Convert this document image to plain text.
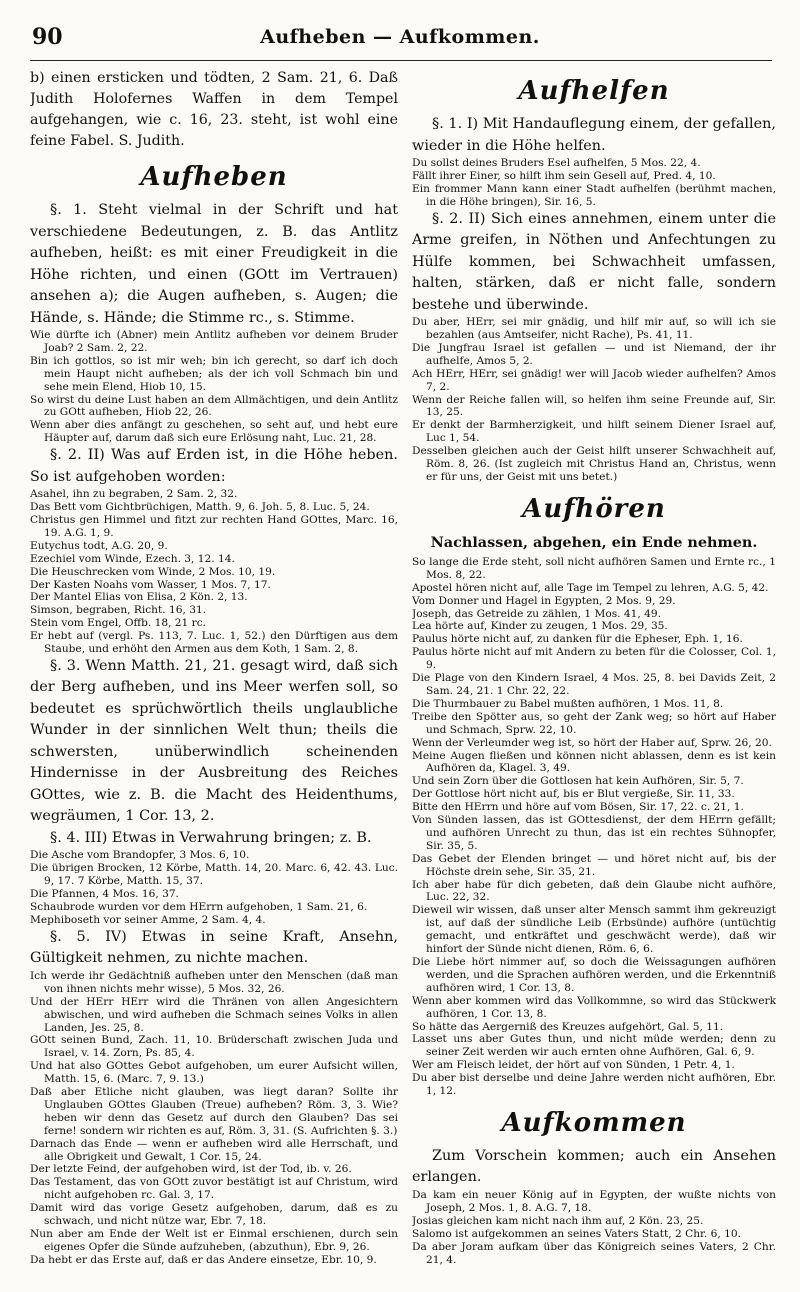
90	Aufheben — Aufkommen.

b) einen ersticken und tödten, 2 Sam. 21, 6. Daß Judith Holofernes Waffen in dem Tempel aufgehangen, wie c. 16, 23. steht, ist wohl eine feine Fabel. S. Judith.

Aufheben

§. 1. Steht vielmal in der Schrift und hat verschiedene Bedeutungen, z. B. das Antlitz aufheben, heißt: es mit einer Freudigkeit in die Höhe richten, und einen (GOtt im Vertrauen) ansehen a); die Augen aufheben, s. Augen; die Hände, s. Hände; die Stimme rc., s. Stimme.

Wie dürfte ich (Abner) mein Antlitz aufheben vor deinem Bruder Joab? 2 Sam. 2, 22.

Bin ich gottlos, so ist mir weh; bin ich gerecht, so darf ich doch mein Haupt nicht aufheben; als der ich voll Schmach bin und sehe mein Elend, Hiob 10, 15.

So wirst du deine Lust haben an dem Allmächtigen, und dein Antlitz zu GOtt aufheben, Hiob 22, 26.

Wenn aber dies anfängt zu geschehen, so seht auf, und hebt eure Häupter auf, darum daß sich eure Erlösung naht, Luc. 21, 28.

§. 2. II) Was auf Erden ist, in die Höhe heben. So ist aufgehoben worden:

Asahel, ihn zu begraben, 2 Sam. 2, 32.

Das Bett vom Gichtbrüchigen, Matth. 9, 6. Joh. 5, 8. Luc. 5, 24.

Christus gen Himmel und fitzt zur rechten Hand GOttes, Marc. 16, 19. A.G. 1, 9.

Eutychus todt, A.G. 20, 9.

Ezechiel vom Winde, Ezech. 3, 12. 14.

Die Heuschrecken vom Winde, 2 Mos. 10, 19.

Der Kasten Noahs vom Wasser, 1 Mos. 7, 17.

Der Mantel Elias von Elisa, 2 Kön. 2, 13.

Simson, begraben, Richt. 16, 31.

Stein vom Engel, Offb. 18, 21 rc.

Er hebt auf (vergl. Ps. 113, 7. Luc. 1, 52.) den Dürftigen aus dem Staube, und erhöht den Armen aus dem Koth, 1 Sam. 2, 8.

§. 3. Wenn Matth. 21, 21. gesagt wird, daß sich der Berg aufheben, und ins Meer werfen soll, so bedeutet es sprüchwörtlich theils unglaubliche Wunder in der sinnlichen Welt thun; theils die schwersten, unüberwindlich scheinenden Hindernisse in der Ausbreitung des Reiches GOttes, wie z. B. die Macht des Heidenthums, wegräumen, 1 Cor. 13, 2.

§. 4. III) Etwas in Verwahrung bringen; z. B.

Die Asche vom Brandopfer, 3 Mos. 6, 10.

Die übrigen Brocken, 12 Körbe, Matth. 14, 20. Marc. 6, 42. 43. Luc. 9, 17. 7 Körbe, Matth. 15, 37.

Die Pfannen, 4 Mos. 16, 37.

Schaubrode wurden vor dem HErrn aufgehoben, 1 Sam. 21, 6.

Mephiboseth vor seiner Amme, 2 Sam. 4, 4.

§. 5. IV) Etwas in seine Kraft, Ansehn, Gültigkeit nehmen, zu nichte machen.

Ich werde ihr Gedächtniß aufheben unter den Menschen (daß man von ihnen nichts mehr wisse), 5 Mos. 32, 26.

Und der HErr HErr wird die Thränen von allen Angesichtern abwischen, und wird aufheben die Schmach seines Volks in allen Landen, Jes. 25, 8.

GOtt seinen Bund, Zach. 11, 10. Brüderschaft zwischen Juda und Israel, v. 14. Zorn, Ps. 85, 4.

Und hat also GOttes Gebot aufgehoben, um eurer Aufsicht willen, Matth. 15, 6. (Marc. 7, 9. 13.)

Daß aber Etliche nicht glauben, was liegt daran? Sollte ihr Unglauben GOttes Glauben (Treue) aufheben? Röm. 3, 3. Wie? heben wir denn das Gesetz auf durch den Glauben? Das sei ferne! sondern wir richten es auf, Röm. 3, 31. (S. Aufrichten §. 3.)

Darnach das Ende — wenn er aufheben wird alle Herrschaft, und alle Obrigkeit und Gewalt, 1 Cor. 15, 24.

Der letzte Feind, der aufgehoben wird, ist der Tod, ib. v. 26.

Das Testament, das von GOtt zuvor bestätigt ist auf Christum, wird nicht aufgehoben rc. Gal. 3, 17.

Damit wird das vorige Gesetz aufgehoben, darum, daß es zu schwach, und nicht nütze war, Ebr. 7, 18.

Nun aber am Ende der Welt ist er Einmal erschienen, durch sein eigenes Opfer die Sünde aufzuheben, (abzuthun), Ebr. 9, 26.

Da hebt er das Erste auf, daß er das Andere einsetze, Ebr. 10, 9.

Aufhelfen

§. 1. I) Mit Handauflegung einem, der gefallen, wieder in die Höhe helfen.

Du sollst deines Bruders Esel aufhelfen, 5 Mos. 22, 4.

Fällt ihrer Einer, so hilft ihm sein Gesell auf, Pred. 4, 10.

Ein frommer Mann kann einer Stadt aufhelfen (berühmt machen, in die Höhe bringen), Sir. 16, 5.

§. 2. II) Sich eines annehmen, einem unter die Arme greifen, in Nöthen und Anfechtungen zu Hülfe kommen, bei Schwachheit umfassen, halten, stärken, daß er nicht falle, sondern bestehe und überwinde.

Du aber, HErr, sei mir gnädig, und hilf mir auf, so will ich sie bezahlen (aus Amtseifer, nicht Rache), Ps. 41, 11.

Die Jungfrau Israel ist gefallen — und ist Niemand, der ihr aufhelfe, Amos 5, 2.

Ach HErr, HErr, sei gnädig! wer will Jacob wieder aufhelfen? Amos 7, 2.

Wenn der Reiche fallen will, so helfen ihm seine Freunde auf, Sir. 13, 25.

Er denkt der Barmherzigkeit, und hilft seinem Diener Israel auf, Luc 1, 54.

Desselben gleichen auch der Geist hilft unserer Schwachheit auf, Röm. 8, 26. (Ist zugleich mit Christus Hand an, Christus, wenn er für uns, der Geist mit uns betet.)

Aufhören
Nachlassen, abgehen, ein Ende nehmen.

So lange die Erde steht, soll nicht aufhören Samen und Ernte rc., 1 Mos. 8, 22.

Apostel hören nicht auf, alle Tage im Tempel zu lehren, A.G. 5, 42.

Vom Donner und Hagel in Egypten, 2 Mos. 9, 29.

Joseph, das Getreide zu zählen, 1 Mos. 41, 49.

Lea hörte auf, Kinder zu zeugen, 1 Mos. 29, 35.

Paulus hörte nicht auf, zu danken für die Epheser, Eph. 1, 16.

Paulus hörte nicht auf mit Andern zu beten für die Colosser, Col. 1, 9.

Die Plage von den Kindern Israel, 4 Mos. 25, 8. bei Davids Zeit, 2 Sam. 24, 21. 1 Chr. 22, 22.

Die Thurmbauer zu Babel mußten aufhören, 1 Mos. 11, 8.

Treibe den Spötter aus, so geht der Zank weg; so hört auf Haber und Schmach, Sprw. 22, 10.

Wenn der Verleumder weg ist, so hört der Haber auf, Sprw. 26, 20.

Meine Augen fließen und können nicht ablassen, denn es ist kein Aufhören da, Klagel. 3, 49.

Und sein Zorn über die Gottlosen hat kein Aufhören, Sir. 5, 7.

Der Gottlose hört nicht auf, bis er Blut vergieße, Sir. 11, 33.

Bitte den HErrn und höre auf vom Bösen, Sir. 17, 22. c. 21, 1.

Von Sünden lassen, das ist GOttesdienst, der dem HErrn gefällt; und aufhören Unrecht zu thun, das ist ein rechtes Sühnopfer, Sir. 35, 5.

Das Gebet der Elenden bringet — und höret nicht auf, bis der Höchste drein sehe, Sir. 35, 21.

Ich aber habe für dich gebeten, daß dein Glaube nicht aufhöre, Luc. 22, 32.

Dieweil wir wissen, daß unser alter Mensch sammt ihm gekreuzigt ist, auf daß der sündliche Leib (Erbsünde) aufhöre (untüchtig gemacht, und entkräftet und geschwächt werde), daß wir hinfort der Sünde nicht dienen, Röm. 6, 6.

Die Liebe hört nimmer auf, so doch die Weissagungen aufhören werden, und die Sprachen aufhören werden, und die Erkenntniß aufhören wird, 1 Cor. 13, 8.

Wenn aber kommen wird das Vollkommne, so wird das Stückwerk aufhören, 1 Cor. 13, 8.

So hätte das Aergerniß des Kreuzes aufgehört, Gal. 5, 11.

Lasset uns aber Gutes thun, und nicht müde werden; denn zu seiner Zeit werden wir auch ernten ohne Aufhören, Gal. 6, 9.

Wer am Fleisch leidet, der hört auf von Sünden, 1 Petr. 4, 1.

Du aber bist derselbe und deine Jahre werden nicht aufhören, Ebr. 1, 12.

Aufkommen

Zum Vorschein kommen; auch ein Ansehen erlangen.

Da kam ein neuer König auf in Egypten, der wußte nichts von Joseph, 2 Mos. 1, 8. A.G. 7, 18.

Josias gleichen kam nicht nach ihm auf, 2 Kön. 23, 25.

Salomo ist aufgekommen an seines Vaters Statt, 2 Chr. 6, 10.

Da aber Joram aufkam über das Königreich seines Vaters, 2 Chr. 21, 4.
